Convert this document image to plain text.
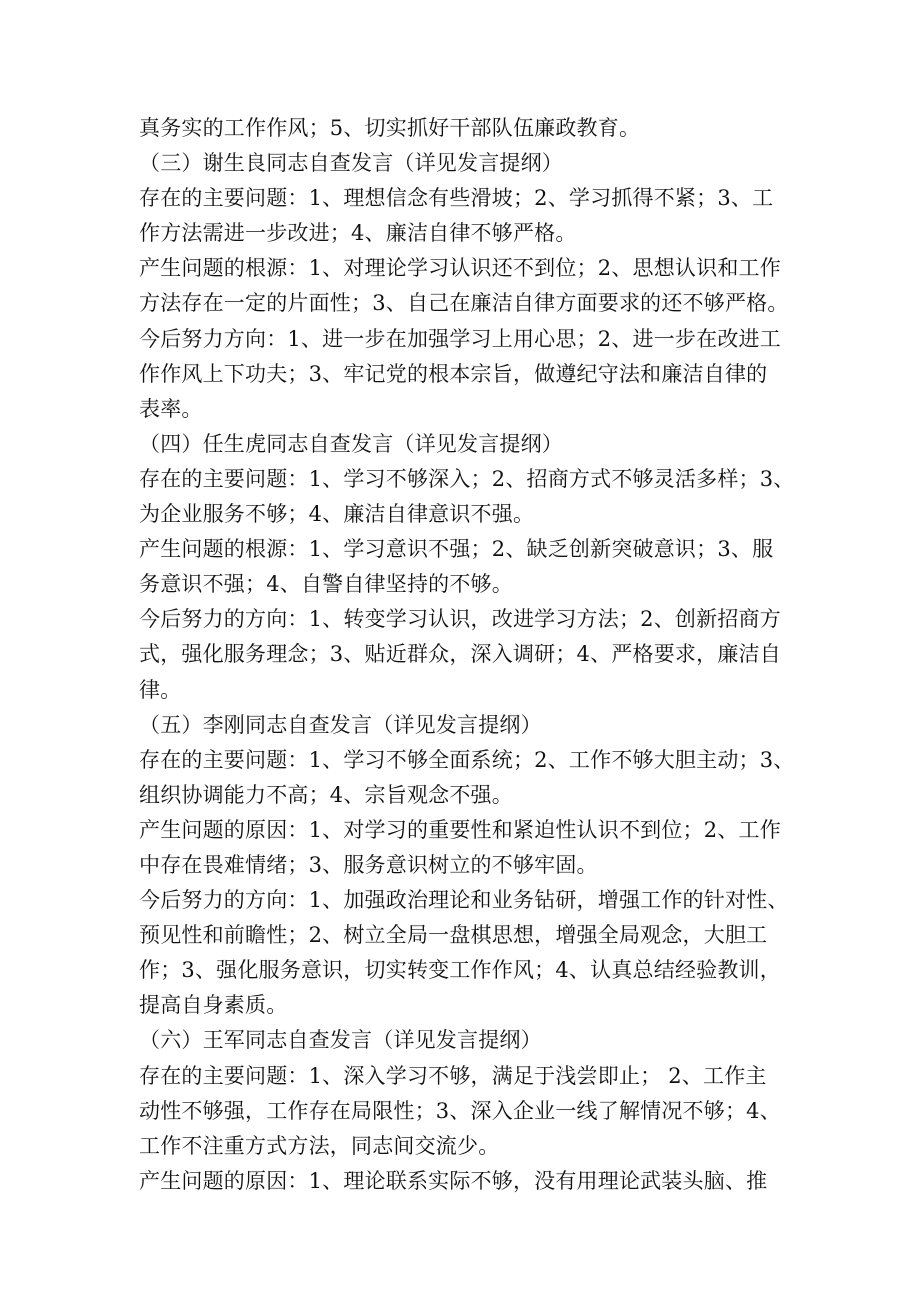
真务实的工作作风；5、切实抓好干部队伍廉政教育。
（三）谢生良同志自查发言（详见发言提纲）
存在的主要问题：1、理想信念有些滑坡；2、学习抓得不紧；3、工
作方法需进一步改进；4、廉洁自律不够严格。
产生问题的根源：1、对理论学习认识还不到位；2、思想认识和工作
方法存在一定的片面性；3、自己在廉洁自律方面要求的还不够严格。
今后努力方向：1、进一步在加强学习上用心思；2、进一步在改进工
作作风上下功夫；3、牢记党的根本宗旨，做遵纪守法和廉洁自律的
表率。
（四）任生虎同志自查发言（详见发言提纲）
存在的主要问题：1、学习不够深入；2、招商方式不够灵活多样；3、
为企业服务不够；4、廉洁自律意识不强。
产生问题的根源：1、学习意识不强；2、缺乏创新突破意识；3、服
务意识不强；4、自警自律坚持的不够。
今后努力的方向：1、转变学习认识，改进学习方法；2、创新招商方
式，强化服务理念；3、贴近群众，深入调研；4、严格要求，廉洁自
律。
（五）李刚同志自查发言（详见发言提纲）
存在的主要问题：1、学习不够全面系统；2、工作不够大胆主动；3、
组织协调能力不高；4、宗旨观念不强。
产生问题的原因：1、对学习的重要性和紧迫性认识不到位；2、工作
中存在畏难情绪；3、服务意识树立的不够牢固。
今后努力的方向：1、加强政治理论和业务钻研，增强工作的针对性、
预见性和前瞻性；2、树立全局一盘棋思想，增强全局观念，大胆工
作；3、强化服务意识，切实转变工作作风；4、认真总结经验教训，
提高自身素质。
（六）王军同志自查发言（详见发言提纲）
存在的主要问题：1、深入学习不够，满足于浅尝即止； 2、工作主
动性不够强，工作存在局限性；3、深入企业一线了解情况不够；4、
工作不注重方式方法，同志间交流少。
产生问题的原因：1、理论联系实际不够，没有用理论武装头脑、推
